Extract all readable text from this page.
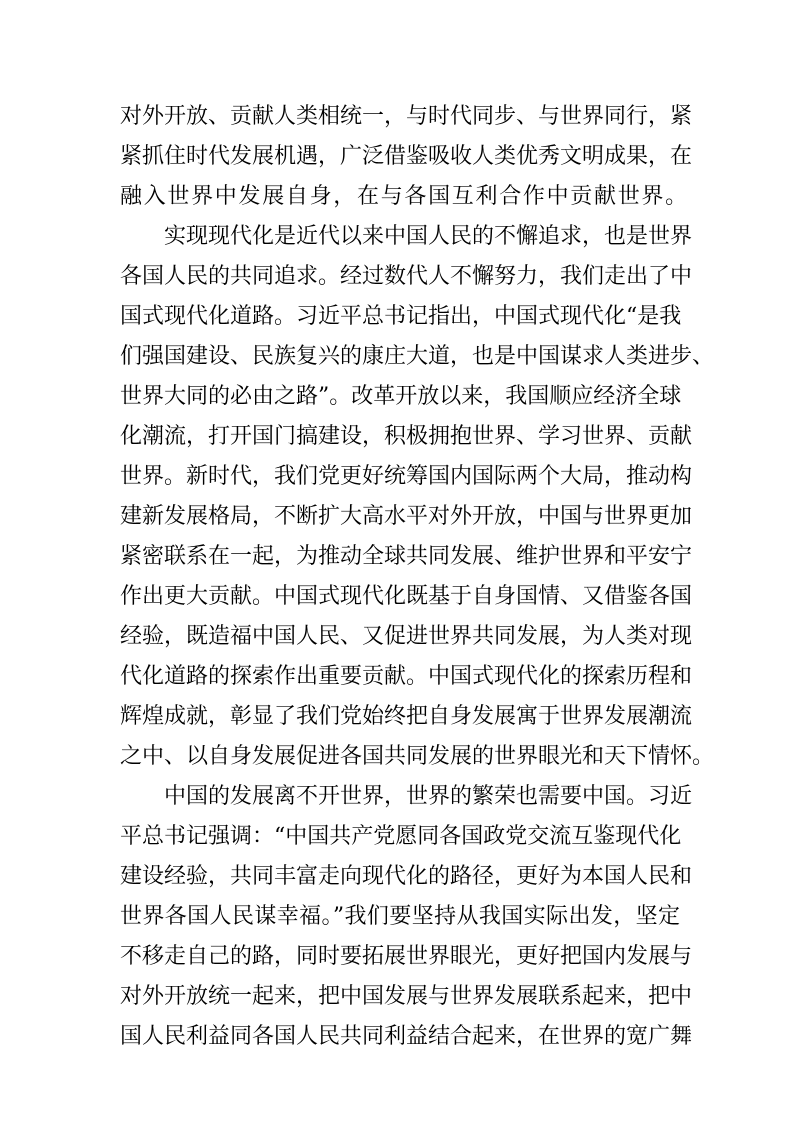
对外开放、贡献人类相统一，与时代同步、与世界同行，紧
紧抓住时代发展机遇，广泛借鉴吸收人类优秀文明成果，在
融入世界中发展自身，在与各国互利合作中贡献世界。
实现现代化是近代以来中国人民的不懈追求，也是世界
各国人民的共同追求。经过数代人不懈努力，我们走出了中
国式现代化道路。习近平总书记指出，中国式现代化“是我
们强国建设、民族复兴的康庄大道，也是中国谋求人类进步、
世界大同的必由之路”。改革开放以来，我国顺应经济全球
化潮流，打开国门搞建设，积极拥抱世界、学习世界、贡献
世界。新时代，我们党更好统筹国内国际两个大局，推动构
建新发展格局，不断扩大高水平对外开放，中国与世界更加
紧密联系在一起，为推动全球共同发展、维护世界和平安宁
作出更大贡献。中国式现代化既基于自身国情、又借鉴各国
经验，既造福中国人民、又促进世界共同发展，为人类对现
代化道路的探索作出重要贡献。中国式现代化的探索历程和
辉煌成就，彰显了我们党始终把自身发展寓于世界发展潮流
之中、以自身发展促进各国共同发展的世界眼光和天下情怀。
中国的发展离不开世界，世界的繁荣也需要中国。习近
平总书记强调：“中国共产党愿同各国政党交流互鉴现代化
建设经验，共同丰富走向现代化的路径，更好为本国人民和
世界各国人民谋幸福。”我们要坚持从我国实际出发，坚定
不移走自己的路，同时要拓展世界眼光，更好把国内发展与
对外开放统一起来，把中国发展与世界发展联系起来，把中
国人民利益同各国人民共同利益结合起来，在世界的宽广舞
